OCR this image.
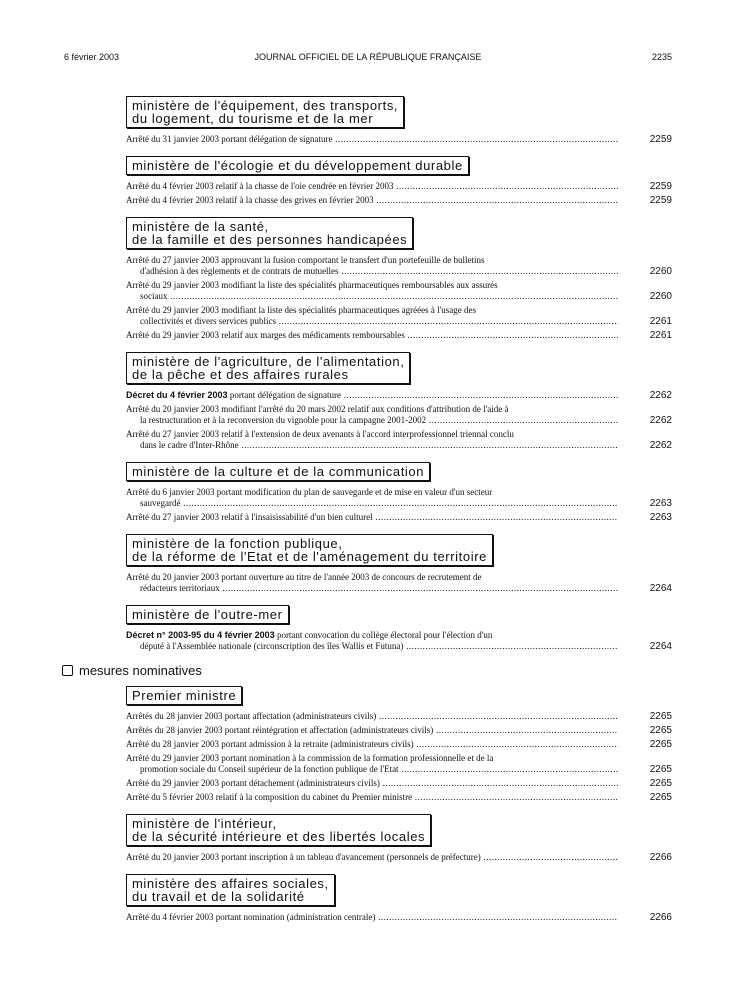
6 février 2003	JOURNAL OFFICIEL DE LA RÉPUBLIQUE FRANÇAISE	2235
ministère de l'équipement, des transports,
du logement, du tourisme et de la mer
Arrêté du 31 janvier 2003 portant délégation de signature .....	2259
ministère de l'écologie et du développement durable
Arrêté du 4 février 2003 relatif à la chasse de l'oie cendrée en février 2003 .....	2259
Arrêté du 4 février 2003 relatif à la chasse des grives en février 2003 .....	2259
ministère de la santé,
de la famille et des personnes handicapées
Arrêté du 27 janvier 2003 approuvant la fusion comportant le transfert d'un portefeuille de bulletins
d'adhésion à des règlements et de contrats de mutuelles .....	2260
Arrêté du 29 janvier 2003 modifiant la liste des spécialités pharmaceutiques remboursables aux assurés
sociaux .....	2260
Arrêté du 29 janvier 2003 modifiant la liste des spécialités pharmaceutiques agréées à l'usage des
collectivités et divers services publics .....	2261
Arrêté du 29 janvier 2003 relatif aux marges des médicaments remboursables .....	2261
ministère de l'agriculture, de l'alimentation,
de la pêche et des affaires rurales
Décret du 4 février 2003 portant délégation de signature .....	2262
Arrêté du 20 janvier 2003 modifiant l'arrêté du 20 mars 2002 relatif aux conditions d'attribution de l'aide à
la restructuration et à la reconversion du vignoble pour la campagne 2001-2002 .....	2262
Arrêté du 27 janvier 2003 relatif à l'extension de deux avenants à l'accord interprofessionnel triennal conclu
dans le cadre d'Inter-Rhône .....	2262
ministère de la culture et de la communication
Arrêté du 6 janvier 2003 portant modification du plan de sauvegarde et de mise en valeur d'un secteur
sauvegardé .....	2263
Arrêté du 27 janvier 2003 relatif à l'insaisissabilité d'un bien culturel .....	2263
ministère de la fonction publique,
de la réforme de l'Etat et de l'aménagement du territoire
Arrêté du 20 janvier 2003 portant ouverture au titre de l'année 2003 de concours de recrutement de
rédacteurs territoriaux .....	2264
ministère de l'outre-mer
Décret n° 2003-95 du 4 février 2003 portant convocation du collège électoral pour l'élection d'un
député à l'Assemblée nationale (circonscription des îles Wallis et Futuna) .....	2264
mesures nominatives
Premier ministre
Arrêtés du 28 janvier 2003 portant affectation (administrateurs civils) .....	2265
Arrêtés du 28 janvier 2003 portant réintégration et affectation (administrateurs civils) .....	2265
Arrêté du 28 janvier 2003 portant admission à la retraite (administrateurs civils) .....	2265
Arrêté du 29 janvier 2003 portant nomination à la commission de la formation professionnelle et de la
promotion sociale du Conseil supérieur de la fonction publique de l'Etat .....	2265
Arrêté du 29 janvier 2003 portant détachement (administrateurs civils) .....	2265
Arrêté du 5 février 2003 relatif à la composition du cabinet du Premier ministre .....	2265
ministère de l'intérieur,
de la sécurité intérieure et des libertés locales
Arrêté du 20 janvier 2003 portant inscription à un tableau d'avancement (personnels de préfecture) .....	2266
ministère des affaires sociales,
du travail et de la solidarité
Arrêté du 4 février 2003 portant nomination (administration centrale) .....	2266
